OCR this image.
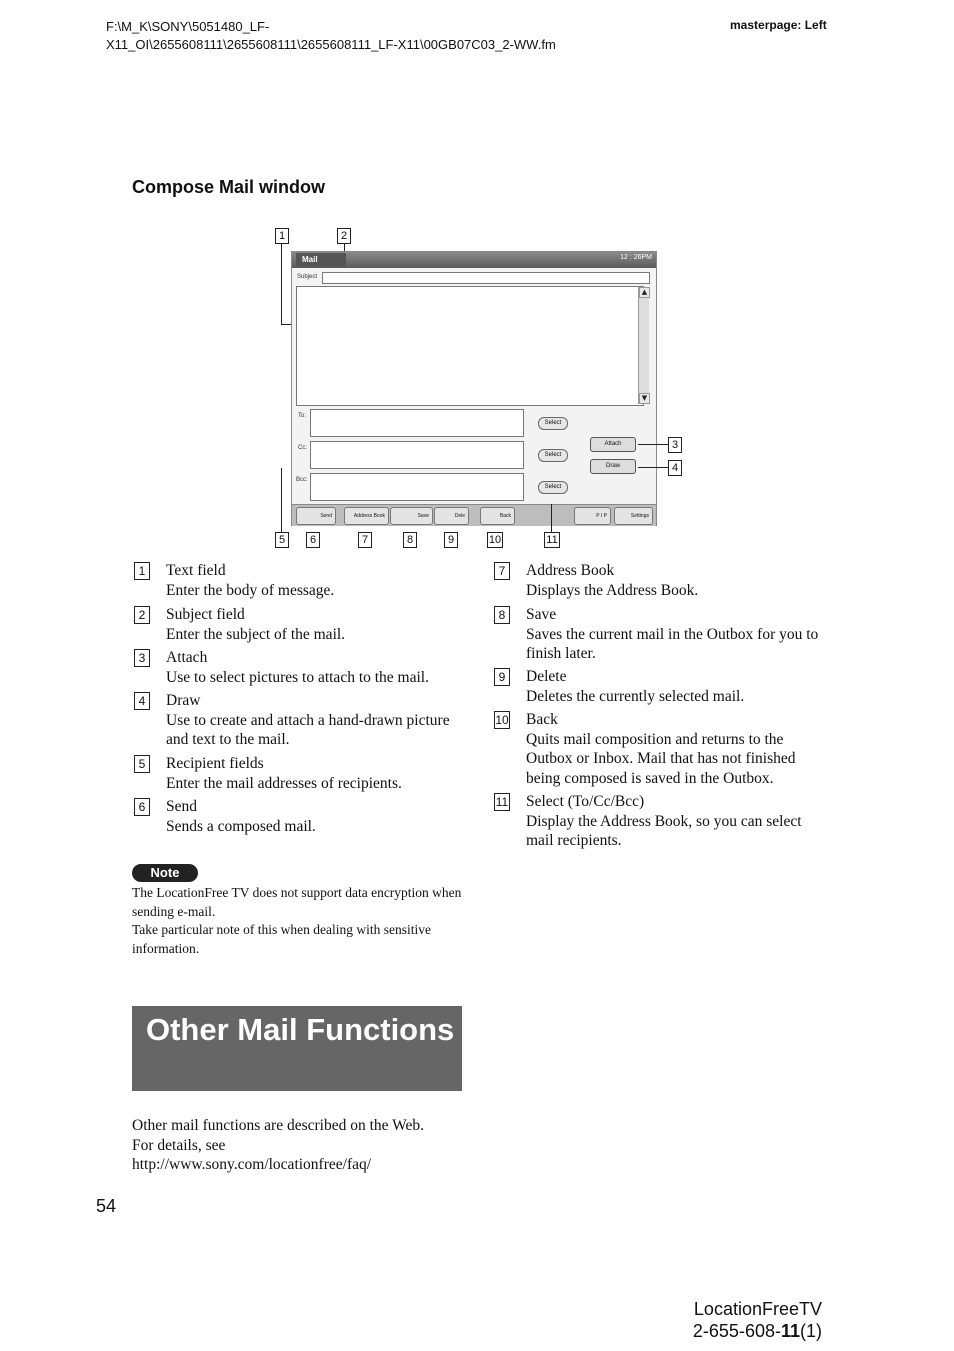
F:\M_K\SONY\5051480_LF-
X11_OI\2655608111\2655608111\2655608111_LF-X11\00GB07C03_2-WW.fm
masterpage: Left
Compose Mail window
1	2
Mail	12 : 26PM
Subject
▲
▼
To:
Cc:
Bcc:
Select
Select
Select
Attach
Draw
Send	Address Book	Save	Dele	Back	P I P	Settings
3
4
5	6	7	8	9	10	11
1	Text field
Enter the body of message.
2	Subject field
Enter the subject of the mail.
3	Attach
Use to select pictures to attach to the mail.
4	Draw
Use to create and attach a hand-drawn picture and text to the mail.
5	Recipient fields
Enter the mail addresses of recipients.
6	Send
Sends a composed mail.
7	Address Book
Displays the Address Book.
8	Save
Saves the current mail in the Outbox for you to finish later.
9	Delete
Deletes the currently selected mail.
10 Back
Quits mail composition and returns to the Outbox or Inbox. Mail that has not finished being composed is saved in the Outbox.
11 Select (To/Cc/Bcc)
Display the Address Book, so you can select mail recipients.
Note
The LocationFree TV does not support data encryption when sending e-mail.
Take particular note of this when dealing with sensitive information.
Other Mail Functions
Other mail functions are described on the Web.
For details, see
http://www.sony.com/locationfree/faq/
54
LocationFreeTV
2-655-608-11(1)
